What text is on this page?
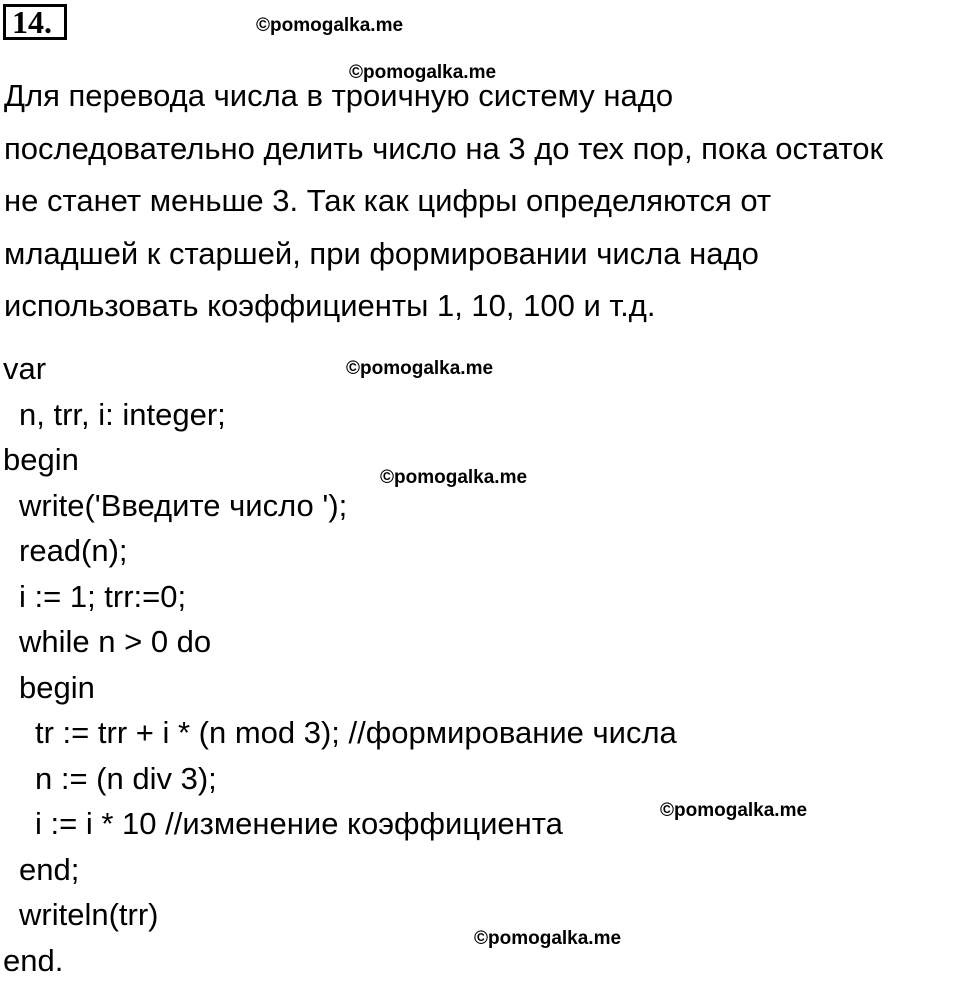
14.	©pomogalka.me
©pomogalka.me
©pomogalka.me
©pomogalka.me
©pomogalka.me
©pomogalka.me
Для перевода числа в троичную систему надо
последовательно делить число на 3 до тех пор, пока остаток
не станет меньше 3. Так как цифры определяются от
младшей к старшей, при формировании числа надо
использовать коэффициенты 1, 10, 100 и т.д.
var
n, trr, i: integer;
begin
write('Введите число ');
read(n);
i := 1; trr:=0;
while n > 0 do
begin
tr := trr + i * (n mod 3); //формирование числа
n := (n div 3);
i := i * 10 //изменение коэффициента
end;
writeln(trr)
end.
